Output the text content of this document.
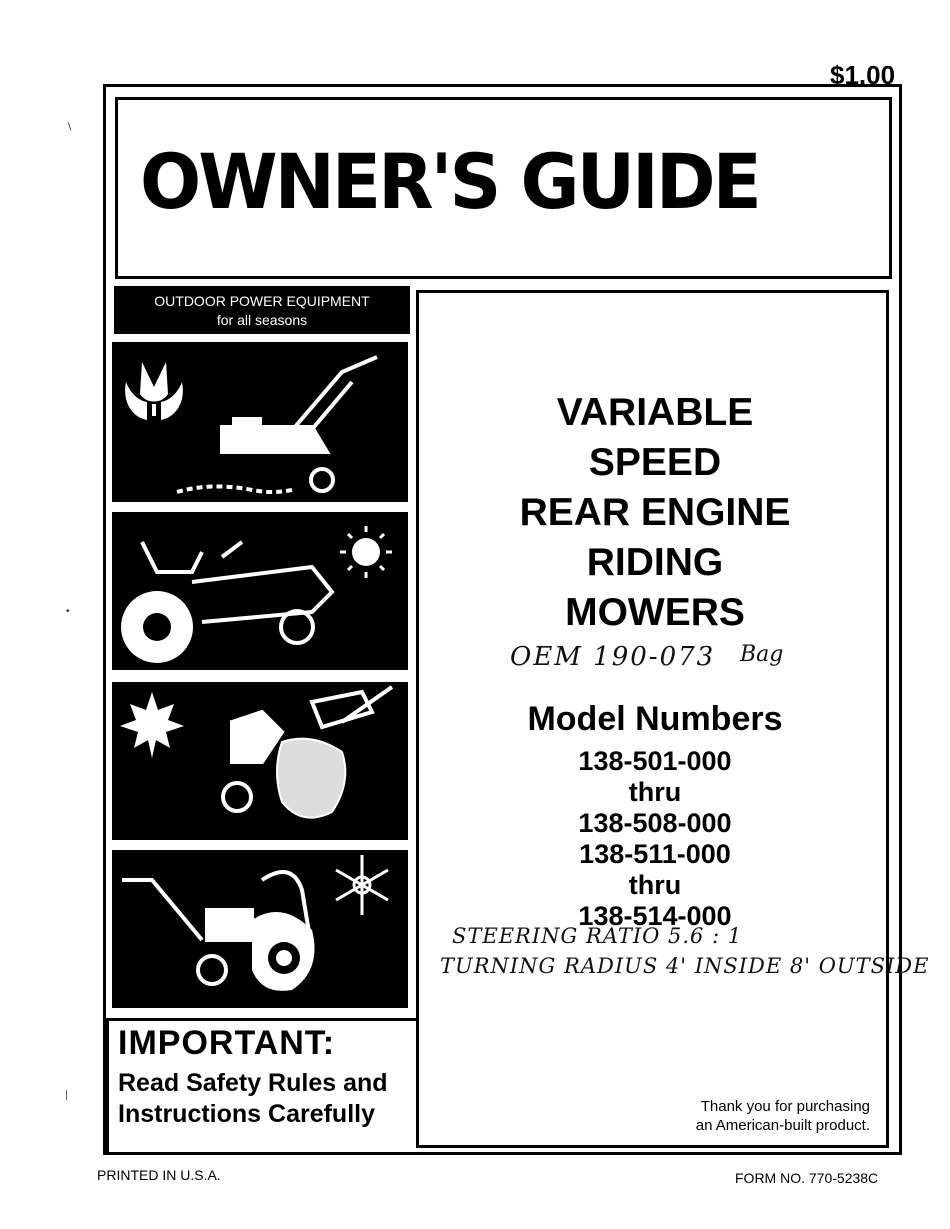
$1.00
OWNER'S GUIDE
OUTDOOR POWER EQUIPMENT
for all seasons
VARIABLE
SPEED
REAR ENGINE
RIDING
MOWERS
OEM 190-073 Bag
Model Numbers
138-501-000
thru
138-508-000
138-511-000
thru
138-514-000
STEERING RATIO 5.6 : 1
TURNING RADIUS 4' INSIDE 8' OUTSIDE
IMPORTANT:
Read Safety Rules and
Instructions Carefully	Thank you for purchasing
an American-built product.
PRINTED IN U.S.A.	FORM NO. 770-5238C
∖
•
∣
